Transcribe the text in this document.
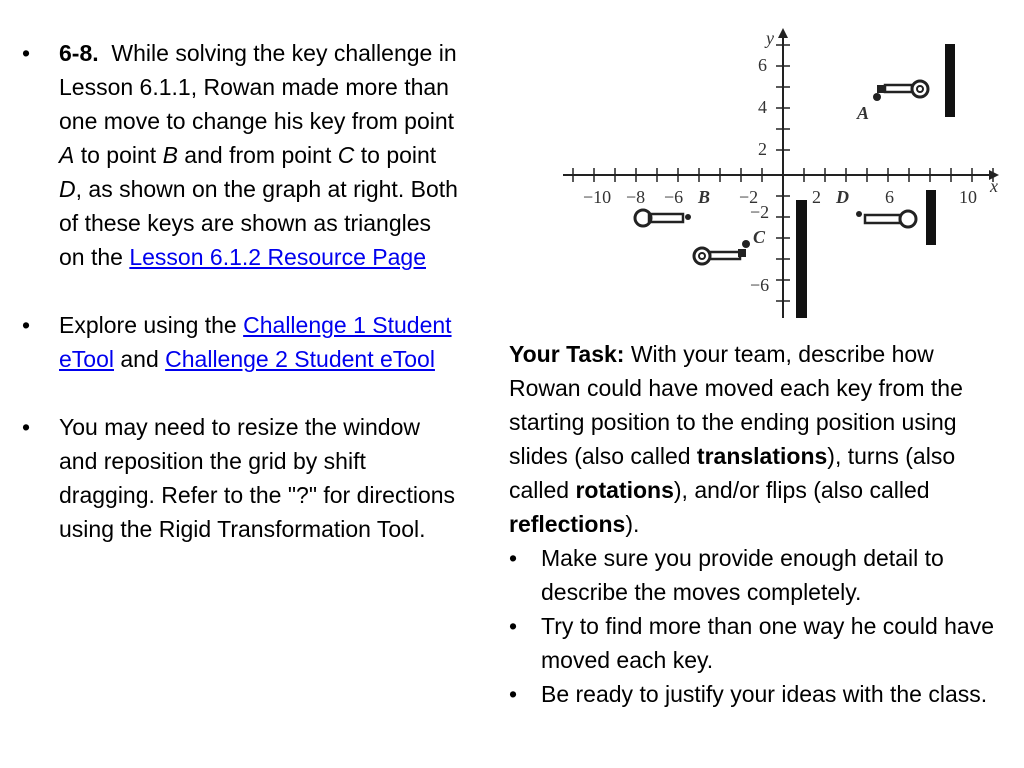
• 6-8. While solving the key challenge in Lesson 6.1.1, Rowan made more than one move to change his key from point A to point B and from point C to point D, as shown on the graph at right. Both of these keys are shown as triangles on the Lesson 6.1.2 Resource Page
• Explore using the Challenge 1 Student eTool and Challenge 2 Student eTool
• You may need to resize the window and reposition the grid by shift dragging. Refer to the "?" for directions using the Rigid Transformation Tool.
−10 −8 −6	−2	2	6	10
x
6
4
2
−2
−6
y
A
B
C
D

Your Task: With your team, describe how Rowan could have moved each key from the starting position to the ending position using slides (also called translations), turns (also called rotations), and/or flips (also called reflections).

• Make sure you provide enough detail to describe the moves completely.
• Try to find more than one way he could have moved each key.
• Be ready to justify your ideas with the class.
